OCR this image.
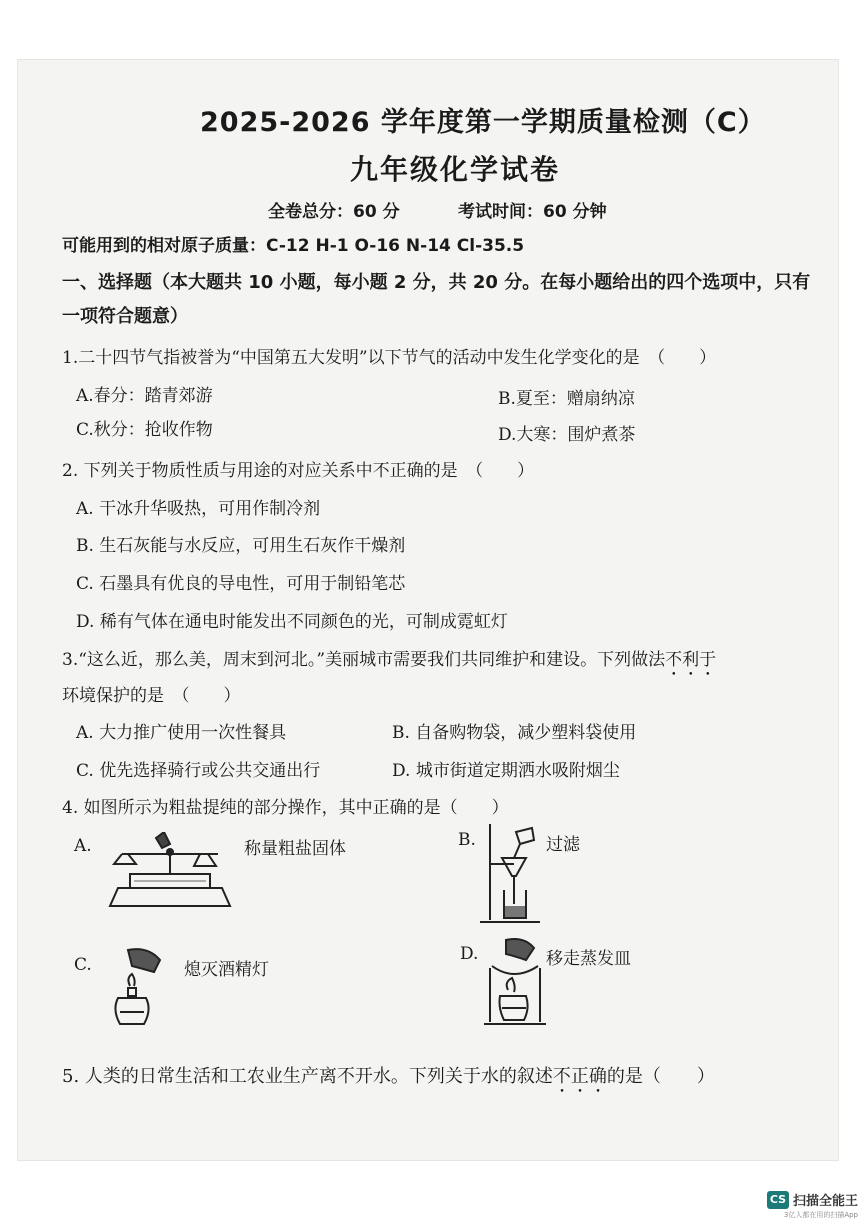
2025-2026 学年度第一学期质量检测（C）
九年级化学试卷
全卷总分：60 分	考试时间：60 分钟
可能用到的相对原子质量：C-12 H-1 O-16 N-14 Cl-35.5
一、选择题（本大题共 10 小题，每小题 2 分，共 20 分。在每小题给出的四个选项中，只有一项符合题意）
1.二十四节气指被誉为“中国第五大发明”以下节气的活动中发生化学变化的是　（　　）
A.春分：踏青郊游	B.夏至：赠扇纳凉
C.秋分：抢收作物	D.大寒：围炉煮茶
2. 下列关于物质性质与用途的对应关系中不正确的是　（　　）
A. 干冰升华吸热，可用作制冷剂
B. 生石灰能与水反应，可用生石灰作干燥剂
C. 石墨具有优良的导电性，可用于制铅笔芯
D. 稀有气体在通电时能发出不同颜色的光，可制成霓虹灯
3.“这么近，那么美，周末到河北。”美丽城市需要我们共同维护和建设。下列做法不利于
环境保护的是　（　　）
A. 大力推广使用一次性餐具	B. 自备购物袋，减少塑料袋使用
C. 优先选择骑行或公共交通出行	D. 城市街道定期洒水吸附烟尘
4. 如图所示为粗盐提纯的部分操作，其中正确的是（　　）
A.	称量粗盐固体	B.	过滤
C.	熄灭酒精灯
D.	移走蒸发皿
5. 人类的日常生活和工农业生产离不开水。下列关于水的叙述不正确的是（　　）
CS 扫描全能王
3亿人都在用的扫描App
